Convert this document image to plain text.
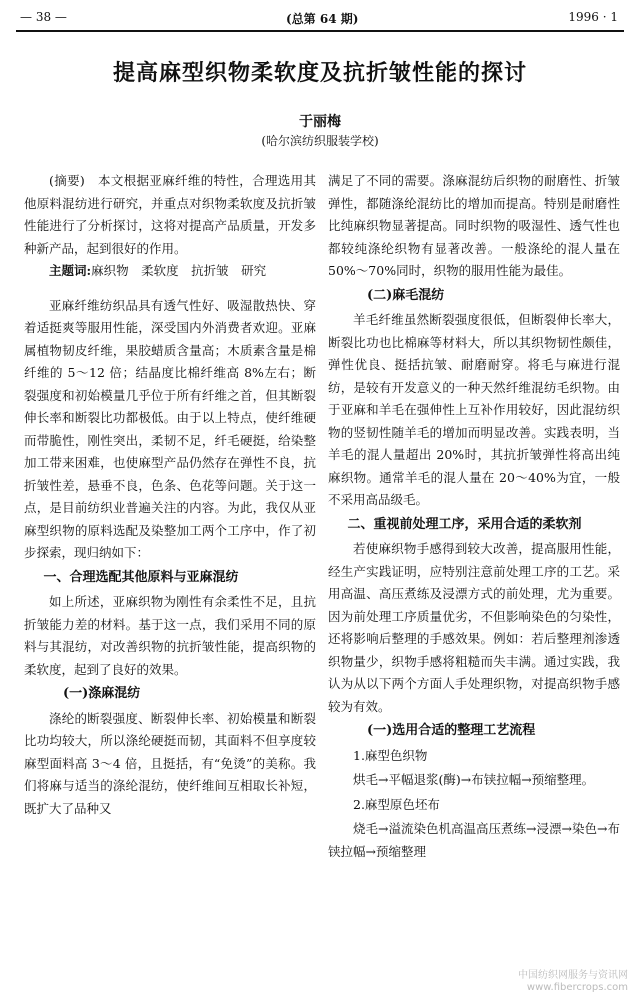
— 38 —	(总第 64 期)	1996 · 1
提高麻型织物柔软度及抗折皱性能的探讨
于丽梅
(哈尔滨纺织服装学校)

(摘要)　本文根据亚麻纤维的特性，合理选用其他原料混纺进行研究，并重点对织物柔软度及抗折皱性能进行了分析探讨，这将对提高产品质量，开发多种新产品，起到很好的作用。

主题词:麻织物　柔软度　抗折皱　研究

亚麻纤维纺织品具有透气性好、吸湿散热快、穿着适挺爽等服用性能，深受国内外消费者欢迎。亚麻属植物韧皮纤维，果胶蜡质含量高；木质素含量是棉纤维的 5～12 倍；结晶度比棉纤维高 8%左右；断裂强度和初始模量几乎位于所有纤维之首，但其断裂伸长率和断裂比功都极低。由于以上特点，使纤维硬而带脆性，刚性突出，柔韧不足，纤毛硬挺，给染整加工带来困难，也使麻型产品仍然存在弹性不良，抗折皱性差，悬垂不良，色条、色花等问题。关于这一点，是目前纺织业普遍关注的内容。为此，我仅从亚麻型织物的原料选配及染整加工两个工序中，作了初步探索，现归纳如下：

一、合理选配其他原料与亚麻混纺

如上所述，亚麻织物为刚性有余柔性不足，且抗折皱能力差的材料。基于这一点，我们采用不同的原料与其混纺，对改善织物的抗折皱性能，提高织物的柔软度，起到了良好的效果。

(一)涤麻混纺

涤纶的断裂强度、断裂伸长率、初始模量和断裂比功均较大，所以涤纶硬挺而韧，其面料不但享度较麻型面料高 3～4 倍，且挺括，有“免烫”的美称。我们将麻与适当的涤纶混纺，使纤维间互相取长补短，既扩大了品种又

满足了不同的需要。涤麻混纺后织物的耐磨性、折皱弹性，都随涤纶混纺比的增加而提高。特别是耐磨性比纯麻织物显著提高。同时织物的吸湿性、透气性也都较纯涤纶织物有显著改善。一般涤纶的混人量在 50%～70%同时，织物的服用性能为最佳。

(二)麻毛混纺

羊毛纤维虽然断裂强度很低，但断裂伸长率大，断裂比功也比棉麻等材料大，所以其织物韧性颇佳，弹性优良、挺括抗皱、耐磨耐穿。将毛与麻进行混纺，是较有开发意义的一种天然纤维混纺毛织物。由于亚麻和羊毛在强伸性上互补作用较好，因此混纺织物的竖韧性随羊毛的增加而明显改善。实践表明，当羊毛的混人量超出 20%时，其抗折皱弹性将高出纯麻织物。通常羊毛的混人量在 20～40%为宜，一般不采用高品级毛。

二、重视前处理工序，采用合适的柔软剂

若使麻织物手感得到较大改善，提高服用性能，经生产实践证明，应特别注意前处理工序的工艺。采用高温、高压煮练及浸漂方式的前处理，尤为重要。因为前处理工序质量优劣，不但影响染色的匀染性，还将影响后整理的手感效果。例如：若后整理剂渗透织物量少，织物手感将粗糙而失丰满。通过实践，我认为从以下两个方面人手处理织物，对提高织物手感较为有效。

(一)选用合适的整理工艺流程
1.麻型色织物

烘毛→平幅退浆(酶)→布铗拉幅→预缩整理。

2.麻型原色坯布

烧毛→溢流染色机高温高压煮练→浸漂→染色→布铗拉幅→预缩整理

中国纺织网服务与资讯网
www.fibercrops.com
